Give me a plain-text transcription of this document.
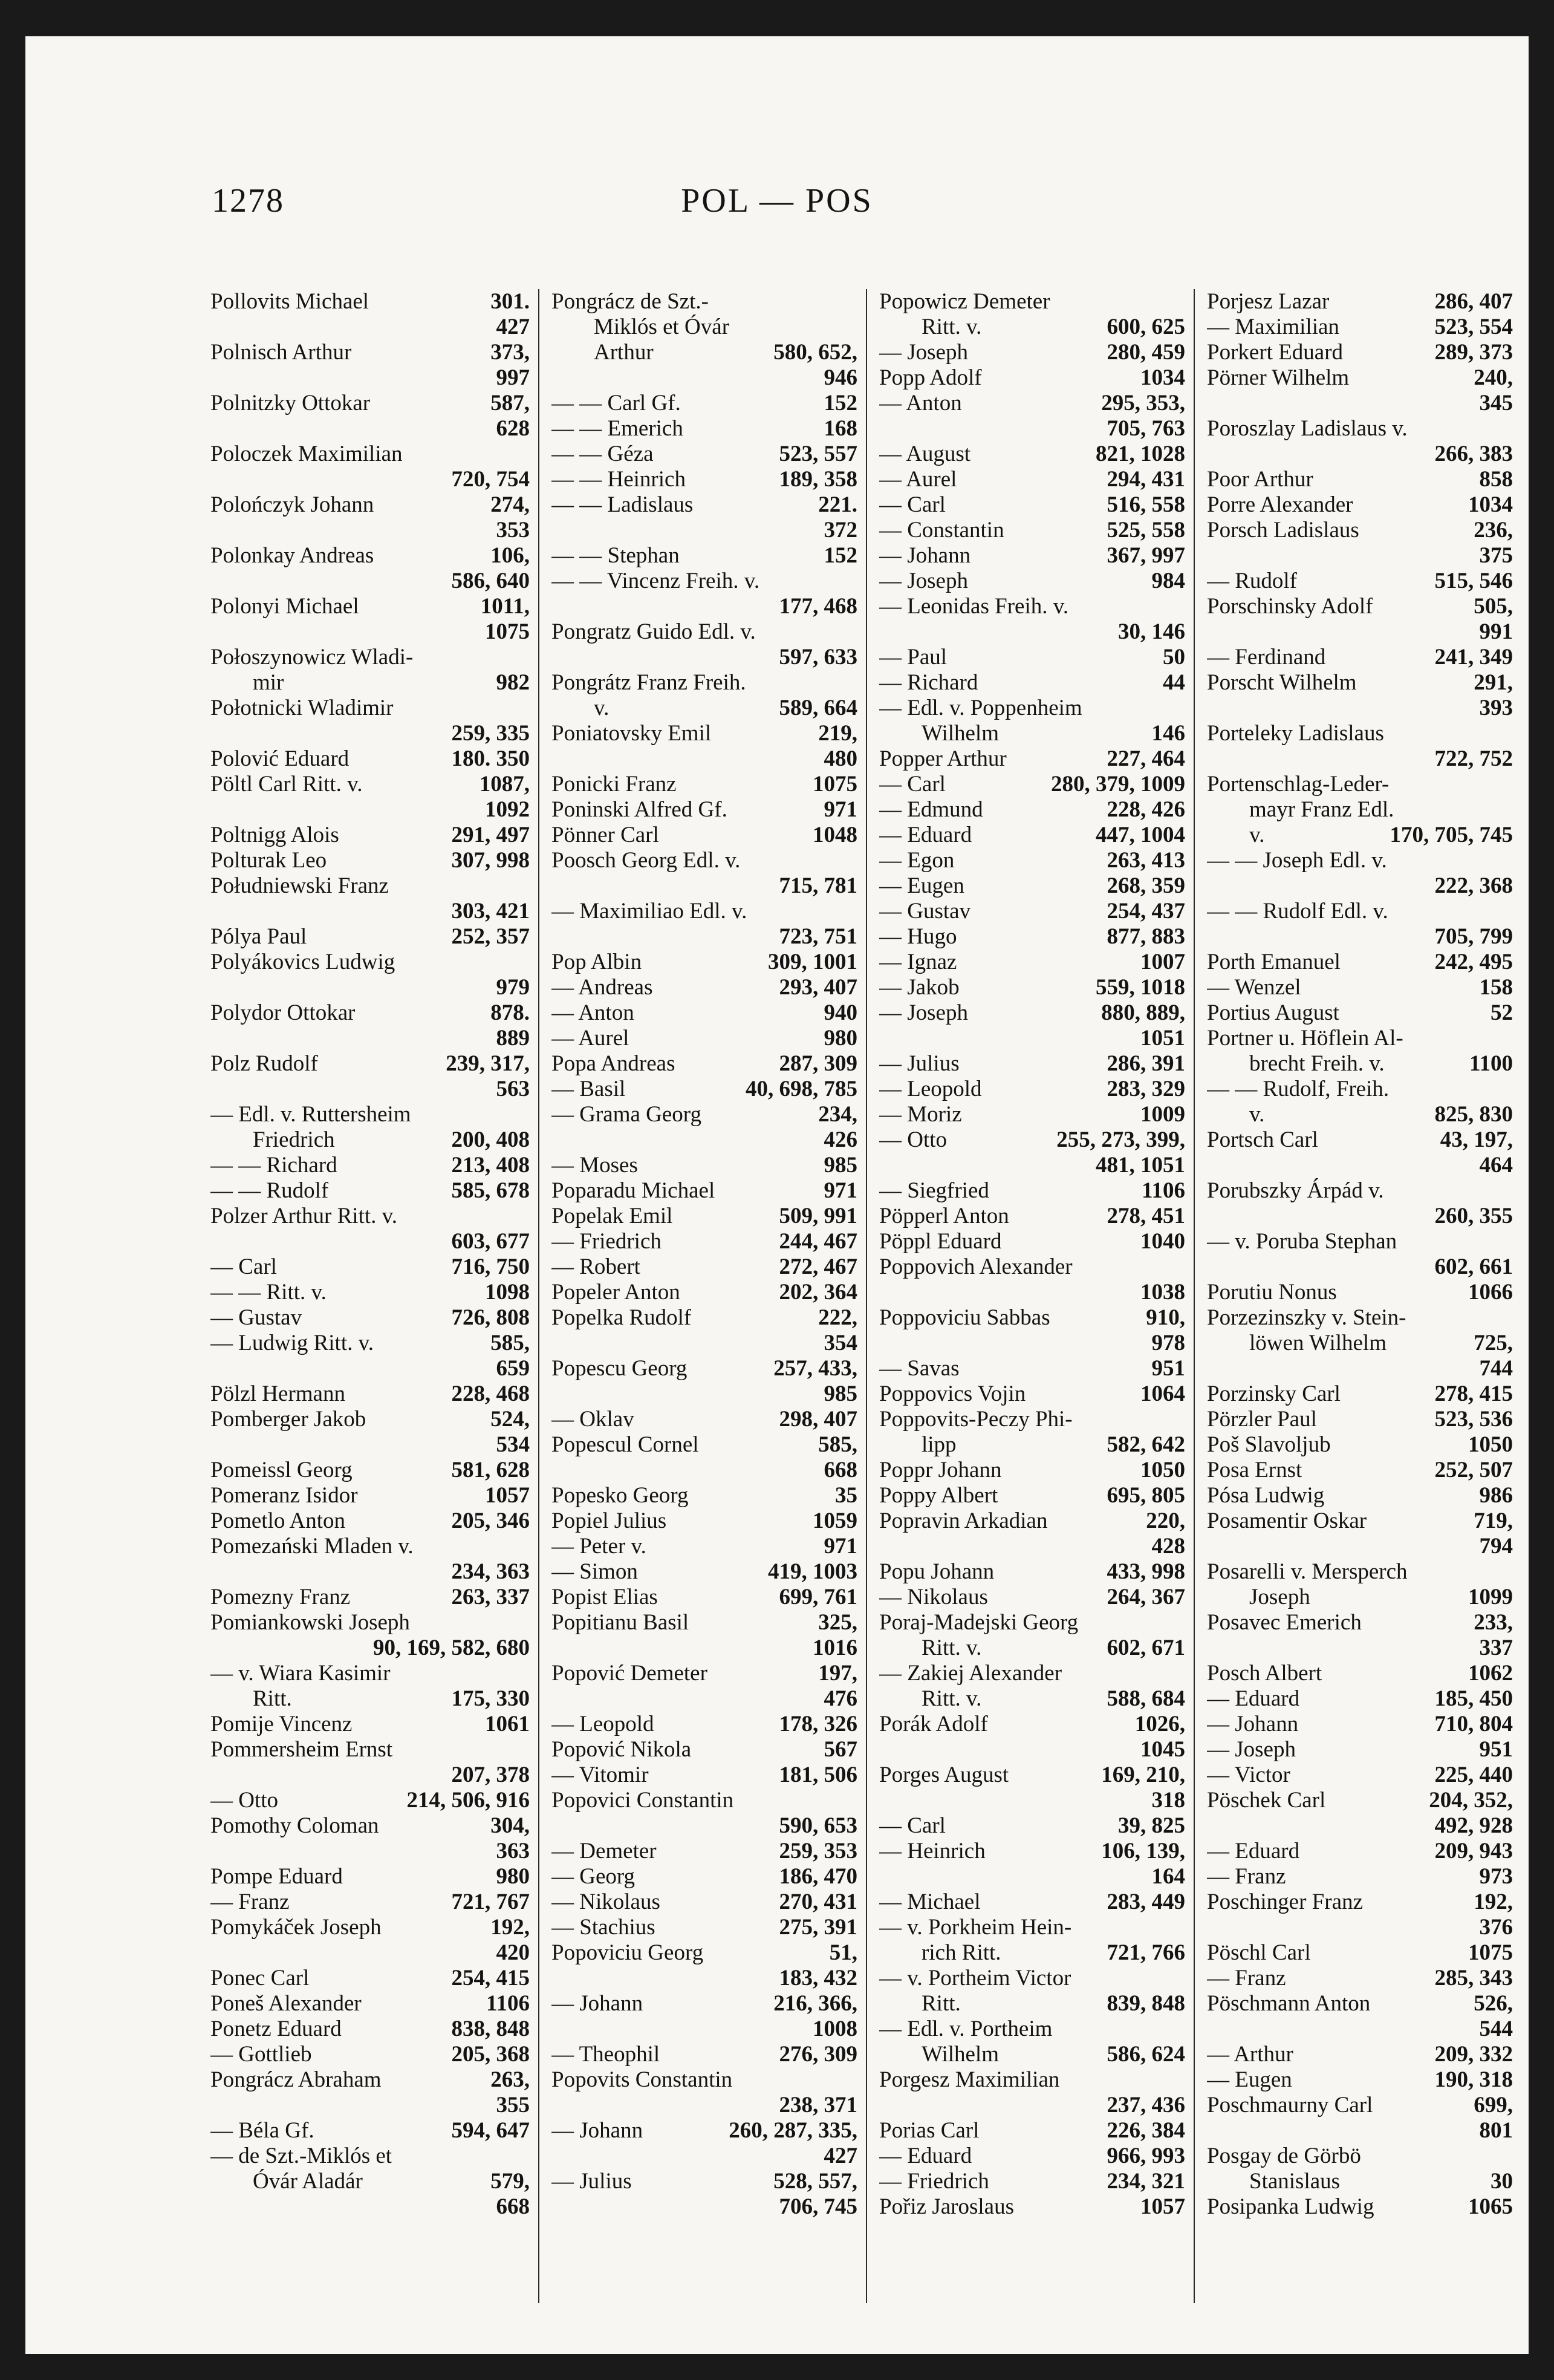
1278	POL — POS
Pollovits Michael	301.
427
Polnisch Arthur	373,
997
Polnitzky Ottokar	587,
628
Poloczek Maximilian
720, 754
Polończyk Johann	274,
353
Polonkay Andreas	106,
586, 640
Polonyi Michael	1011,
1075
Połoszynowicz Wladi-
mir	982
Połotnicki Wladimir
259, 335
Polović Eduard	180. 350
Pöltl Carl Ritt. v.	1087,
1092
Poltnigg Alois	291, 497
Polturak Leo	307, 998
Południewski Franz
303, 421
Pólya Paul	252, 357
Polyákovics Ludwig
979
Polydor Ottokar	878.
889
Polz Rudolf	239, 317,
563
— Edl. v. Ruttersheim
Friedrich	200, 408
— — Richard	213, 408
— — Rudolf	585, 678
Polzer Arthur Ritt. v.
603, 677
— Carl	716, 750
— — Ritt. v.	1098
— Gustav	726, 808
— Ludwig Ritt. v.	585,
659
Pölzl Hermann	228, 468
Pomberger Jakob	524,
534
Pomeissl Georg	581, 628
Pomeranz Isidor	1057
Pometlo Anton	205, 346
Pomezański Mladen v.
234, 363
Pomezny Franz	263, 337
Pomiankowski Joseph
90, 169, 582, 680
— v. Wiara Kasimir
Ritt.	175, 330
Pomije Vincenz	1061
Pommersheim Ernst
207, 378
— Otto	214, 506, 916
Pomothy Coloman	304,
363
Pompe Eduard	980
— Franz	721, 767
Pomykáček Joseph	192,
420
Ponec Carl	254, 415
Poneš Alexander	1106
Ponetz Eduard	838, 848
— Gottlieb	205, 368
Pongrácz Abraham	263,
355
— Béla Gf.	594, 647
— de Szt.-Miklós et
Óvár Aladár	579,
668
Pongrácz de Szt.-
Miklós et Óvár
Arthur	580, 652,
946
— — Carl Gf.	152
— — Emerich	168
— — Géza	523, 557
— — Heinrich	189, 358
— — Ladislaus	221.
372
— — Stephan	152
— — Vincenz Freih. v.
177, 468
Pongratz Guido Edl. v.
597, 633
Pongrátz Franz Freih.
v.	589, 664
Poniatovsky Emil	219,
480
Ponicki Franz	1075
Poninski Alfred Gf.	971
Pönner Carl	1048
Poosch Georg Edl. v.
715, 781
— Maximiliao Edl. v.
723, 751
Pop Albin	309, 1001
— Andreas	293, 407
— Anton	940
— Aurel	980
Popa Andreas	287, 309
— Basil	40, 698, 785
— Grama Georg	234,
426
— Moses	985
Poparadu Michael	971
Popelak Emil	509, 991
— Friedrich	244, 467
— Robert	272, 467
Popeler Anton	202, 364
Popelka Rudolf	222,
354
Popescu Georg	257, 433,
985
— Oklav	298, 407
Popescul Cornel	585,
668
Popesko Georg	35
Popiel Julius	1059
— Peter v.	971
— Simon	419, 1003
Popist Elias	699, 761
Popitianu Basil	325,
1016
Popović Demeter	197,
476
— Leopold	178, 326
Popović Nikola	567
— Vitomir	181, 506
Popovici Constantin
590, 653
— Demeter	259, 353
— Georg	186, 470
— Nikolaus	270, 431
— Stachius	275, 391
Popoviciu Georg	51,
183, 432
— Johann	216, 366,
1008
— Theophil	276, 309
Popovits Constantin
238, 371
— Johann	260, 287, 335,
427
— Julius	528, 557,
706, 745
Popowicz Demeter
Ritt. v.	600, 625
— Joseph	280, 459
Popp Adolf	1034
— Anton	295, 353,
705, 763
— August	821, 1028
— Aurel	294, 431
— Carl	516, 558
— Constantin	525, 558
— Johann	367, 997
— Joseph	984
— Leonidas Freih. v.
30, 146
— Paul	50
— Richard	44
— Edl. v. Poppenheim
Wilhelm	146
Popper Arthur	227, 464
— Carl	280, 379, 1009
— Edmund	228, 426
— Eduard	447, 1004
— Egon	263, 413
— Eugen	268, 359
— Gustav	254, 437
— Hugo	877, 883
— Ignaz	1007
— Jakob	559, 1018
— Joseph	880, 889,
1051
— Julius	286, 391
— Leopold	283, 329
— Moriz	1009
— Otto	255, 273, 399,
481, 1051
— Siegfried	1106
Pöpperl Anton	278, 451
Pöppl Eduard	1040
Poppovich Alexander
1038
Poppoviciu Sabbas	910,
978
— Savas	951
Poppovics Vojin	1064
Poppovits-Peczy Phi-
lipp	582, 642
Poppr Johann	1050
Poppy Albert	695, 805
Popravin Arkadian	220,
428
Popu Johann	433, 998
— Nikolaus	264, 367
Poraj-Madejski Georg
Ritt. v.	602, 671
— Zakiej Alexander
Ritt. v.	588, 684
Porák Adolf	1026,
1045
Porges August	169, 210,
318
— Carl	39, 825
— Heinrich	106, 139,
164
— Michael	283, 449
— v. Porkheim Hein-
rich Ritt.	721, 766
— v. Portheim Victor
Ritt.	839, 848
— Edl. v. Portheim
Wilhelm	586, 624
Porgesz Maximilian
237, 436
Porias Carl	226, 384
— Eduard	966, 993
— Friedrich	234, 321
Pořiz Jaroslaus	1057
Porjesz Lazar	286, 407
— Maximilian	523, 554
Porkert Eduard	289, 373
Pörner Wilhelm	240,
345
Poroszlay Ladislaus v.
266, 383
Poor Arthur	858
Porre Alexander	1034
Porsch Ladislaus	236,
375
— Rudolf	515, 546
Porschinsky Adolf	505,
991
— Ferdinand	241, 349
Porscht Wilhelm	291,
393
Porteleky Ladislaus
722, 752
Portenschlag-Leder-
mayr Franz Edl.
v.	170, 705, 745
— — Joseph Edl. v.
222, 368
— — Rudolf Edl. v.
705, 799
Porth Emanuel	242, 495
— Wenzel	158
Portius August	52
Portner u. Höflein Al-
brecht Freih. v.	1100
— — Rudolf, Freih.
v.	825, 830
Portsch Carl	43, 197,
464
Porubszky Árpád v.
260, 355
— v. Poruba Stephan
602, 661
Porutiu Nonus	1066
Porzezinszky v. Stein-
löwen Wilhelm	725,
744
Porzinsky Carl	278, 415
Pörzler Paul	523, 536
Poš Slavoljub	1050
Posa Ernst	252, 507
Pósa Ludwig	986
Posamentir Oskar	719,
794
Posarelli v. Mersperch
Joseph	1099
Posavec Emerich	233,
337
Posch Albert	1062
— Eduard	185, 450
— Johann	710, 804
— Joseph	951
— Victor	225, 440
Pöschek Carl	204, 352,
492, 928
— Eduard	209, 943
— Franz	973
Poschinger Franz	192,
376
Pöschl Carl	1075
— Franz	285, 343
Pöschmann Anton	526,
544
— Arthur	209, 332
— Eugen	190, 318
Poschmaurny Carl	699,
801
Posgay de Görbö
Stanislaus	30
Posipanka Ludwig	1065
